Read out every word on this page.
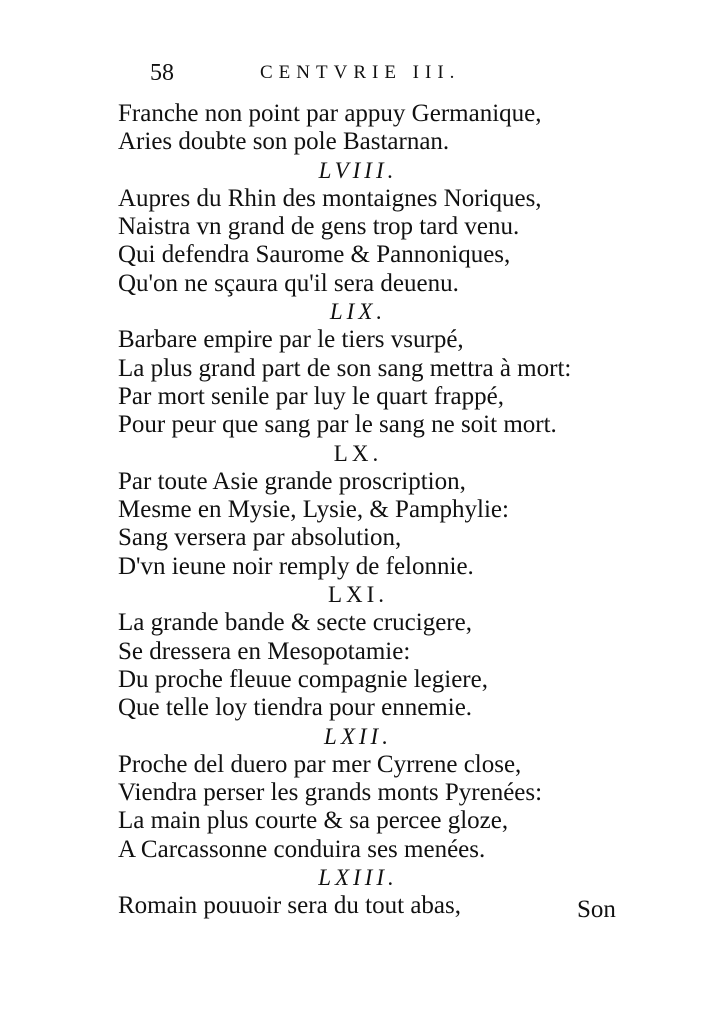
58	CENTVRIE III.
Franche non point par appuy Germanique,
Aries doubte son pole Bastarnan.
LVIII.
Aupres du Rhin des montaignes Noriques,
Naistra vn grand de gens trop tard venu.
Qui defendra Saurome & Pannoniques,
Qu'on ne sçaura qu'il sera deuenu.
LIX.
Barbare empire par le tiers vsurpé,
La plus grand part de son sang mettra à mort:
Par mort senile par luy le quart frappé,
Pour peur que sang par le sang ne soit mort.
LX.
Par toute Asie grande proscription,
Mesme en Mysie, Lysie, & Pamphylie:
Sang versera par absolution,
D'vn ieune noir remply de felonnie.
LXI.
La grande bande & secte crucigere,
Se dressera en Mesopotamie:
Du proche fleuue compagnie legiere,
Que telle loy tiendra pour ennemie.
LXII.
Proche del duero par mer Cyrrene close,
Viendra perser les grands monts Pyrenées:
La main plus courte & sa percee gloze,
A Carcassonne conduira ses menées.
LXIII.
Romain pouuoir sera du tout abas,	Son
